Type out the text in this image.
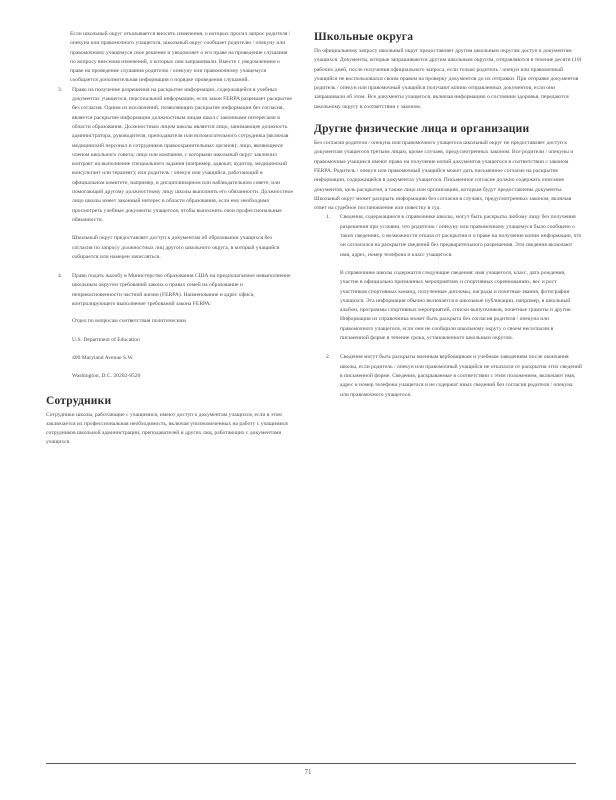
Если школьный округ отказывается вносить изменения, о которых просил запрос родителя / опекуна или правомочного учащегося, школьный округ сообщает родителю / опекуну или правомочному учащемуся свое решение и уведомляет о его праве на проведение слушания по вопросу внесения изменений, о которых они запрашивали. Вместе с уведомлением о праве на проведение слушания родителю / опекуну или правомочному учащемуся сообщается дополнительная информация о порядке проведения слушаний.

3. Право на получение разрешения на раскрытие информации, содержащейся в учебных документах учащегося, персональной информации, если закон FERPA разрешает раскрытие без согласия. Одним из исключений, позволяющих раскрытие информации без согласия, является раскрытие информации должностным лицам школ с законными интересами в области образования. Должностным лицом школы является лицо, занимающее должность администратора, руководителя, преподавателя или вспомогательного сотрудника (включая медицинский персонал и сотрудников правоохранительных органов); лицо, являющееся членом школьного совета; лицо или компания, с которыми школьный округ заключил контракт на выполнение специального задания (например, адвокат, аудитор, медицинский консультант или терапевт); или родитель / опекун или учащийся, работающий в официальном комитете, например, в дисциплинарном или наблюдательном совете, или помогающий другому должностному лицу школы выполнять его обязанности. Должностное лицо школы имеет законный интерес в области образования, если ему необходимо просмотреть учебные документы учащегося, чтобы выполнить свои профессиональные обязанности.

Школьный округ предоставляет доступ к документам об образовании учащихся без согласия по запросу должностных лиц другого школьного округа, в который учащийся собирается или намерен зачисляться.

4. Право подать жалобу в Министерство образования США на предполагаемое невыполнение школьным округом требований закона о правах семей на образование и неприкосновенности частной жизни (FERPA). Наименование и адрес офиса, контролирующего выполнение требований закона FERPA:

Отдел по вопросам соответствия политическим

U.S. Department of Education

400 Maryland Avenue S.W.

Washington, D.C. 20202-8520

Сотрудники

Сотрудники школы, работающие с учащимися, имеют доступ к документам учащихся, если в этом заключается их профессиональная необходимость, включая уполномоченных на работу с учащимися сотрудников школьной администрации, преподавателей и других лиц, работающих с документами учащихся.

Школьные округа

По официальному запросу школьный округ предоставляет другим школьным округам доступ к документам учащихся. Документы, которые запрашиваются другим школьным округом, отправляются в течение десяти (10) рабочих дней, после получения официального запроса, если только родитель / опекун или правомочный учащийся не воспользовался своим правом на проверку документов до их отправки. При отправке документов родитель / опекун или правомочный учащийся получают копию отправленных документов, если они запрашивали об этом. Все документы учащегося, включая информацию о состоянии здоровья, передаются школьному округу в соответствии с законом.

Другие физические лица и организации

Без согласия родителя / опекуна или правомочного учащегося школьный округ не предоставляет доступ к документам учащегося третьим лицам, кроме случаев, предусмотренных законом. Все родители / опекуны и правомочные учащиеся имеют право на получение копий документов учащегося в соответствии с законом FERPA. Родитель / опекун или правомочный учащийся может дать письменное согласие на раскрытие информации, содержащейся в документах учащегося. Письменное согласие должно содержать описание документов, цель раскрытия, а также лицо или организацию, которым будут предоставлены документы. Школьный округ может раскрыть информацию без согласия в случаях, предусмотренных законом, включая ответ на судебное постановление или повестку в суд.

1. Сведения, содержащиеся в справочнике школы, могут быть раскрыты любому лицу без получения разрешения при условии, что родителю / опекуну или правомочному учащемуся было сообщено о таких сведениях, о возможности отказа от раскрытия и о праве на получение копии информации, что он согласился на раскрытие сведений без предварительного разрешения. Эти сведения включают имя, адрес, номер телефона и класс учащегося.

В справочнике школы содержатся следующие сведения: имя учащегося, класс, дата рождения, участие в официально признанных мероприятиях и спортивных соревнованиях, вес и рост участников спортивных команд, полученные дипломы, награды и почетные звания, фотографии учащихся. Эта информация обычно включается в школьные публикации, например, в школьный альбом, программы спортивных мероприятий, списки выпускников, почетные грамоты и другие. Информация из справочника может быть раскрыта без согласия родителя / опекуна или правомочного учащегося, если они не сообщили школьному округу о своем несогласии в письменной форме в течение срока, установленного школьным округом.

2. Сведения могут быть раскрыты военным вербовщикам и учебным заведениям после окончания школы, если родитель / опекун или правомочный учащийся не отказался от раскрытия этих сведений в письменной форме. Сведения, раскрываемые в соответствии с этим положением, включают имя, адрес и номер телефона учащегося и не содержат иных сведений без согласия родителя / опекуна или правомочного учащегося.

71
